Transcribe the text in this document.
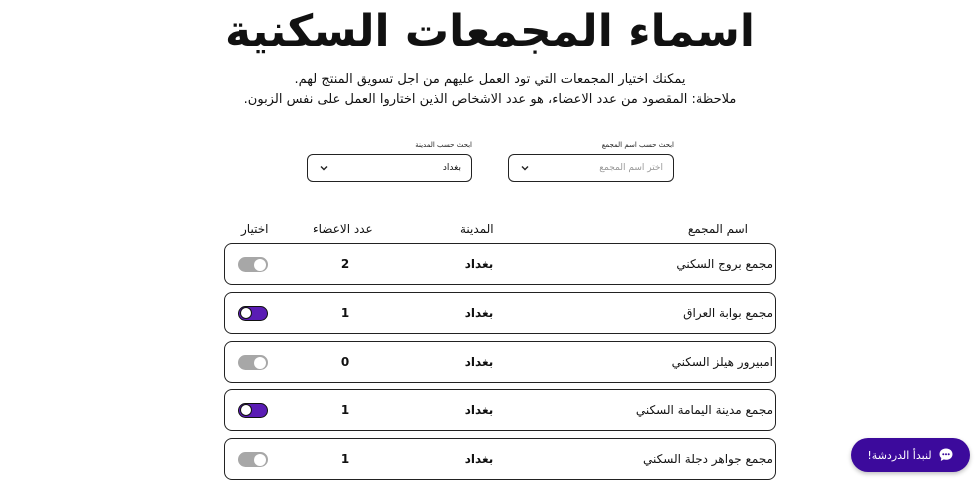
اسماء المجمعات السكنية
يمكنك اختيار المجمعات التي تود العمل عليهم من اجل تسويق المنتج لهم.
ملاحظة: المقصود من عدد الاعضاء، هو عدد الاشخاص الذين اختاروا العمل على نفس الزبون.
ابحث حسب اسم المجمع
اختر اسم المجمع
ابحث حسب المدينة
بغداد
اسم المجمع
المدينة
عدد الاعضاء
اختيار
مجمع بروج السكني
بغداد
2
مجمع بوابة العراق
بغداد
1
امبيرور هيلز السكني
بغداد
0
مجمع مدينة اليمامة السكني
بغداد
1
مجمع جواهر دجلة السكني
بغداد
1	لنبدأ الدردشة!
